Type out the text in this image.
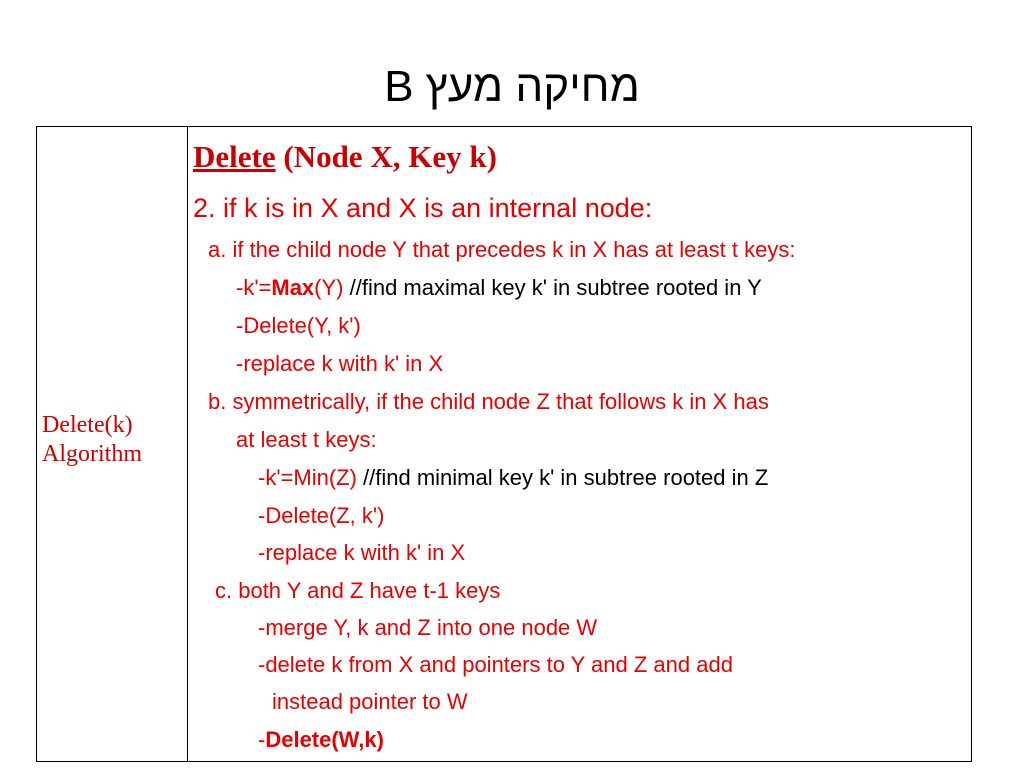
B מחיקה מעץ
Delete(k)
Algorithm
Delete (Node X, Key k)
2. if k is in X and X is an internal node:
a. if the child node Y that precedes k in X has at least t keys:
-k'=Max(Y) //find maximal key k' in subtree rooted in Y
-Delete(Y, k')
-replace k with k' in X
b. symmetrically, if the child node Z that follows k in X has
at least t keys:
-k'=Min(Z) //find minimal key k' in subtree rooted in Z
-Delete(Z, k')
-replace k with k' in X
c. both Y and Z have t-1 keys
-merge Y, k and Z into one node W
-delete k from X and pointers to Y and Z and add
instead pointer to W
-Delete(W,k)
